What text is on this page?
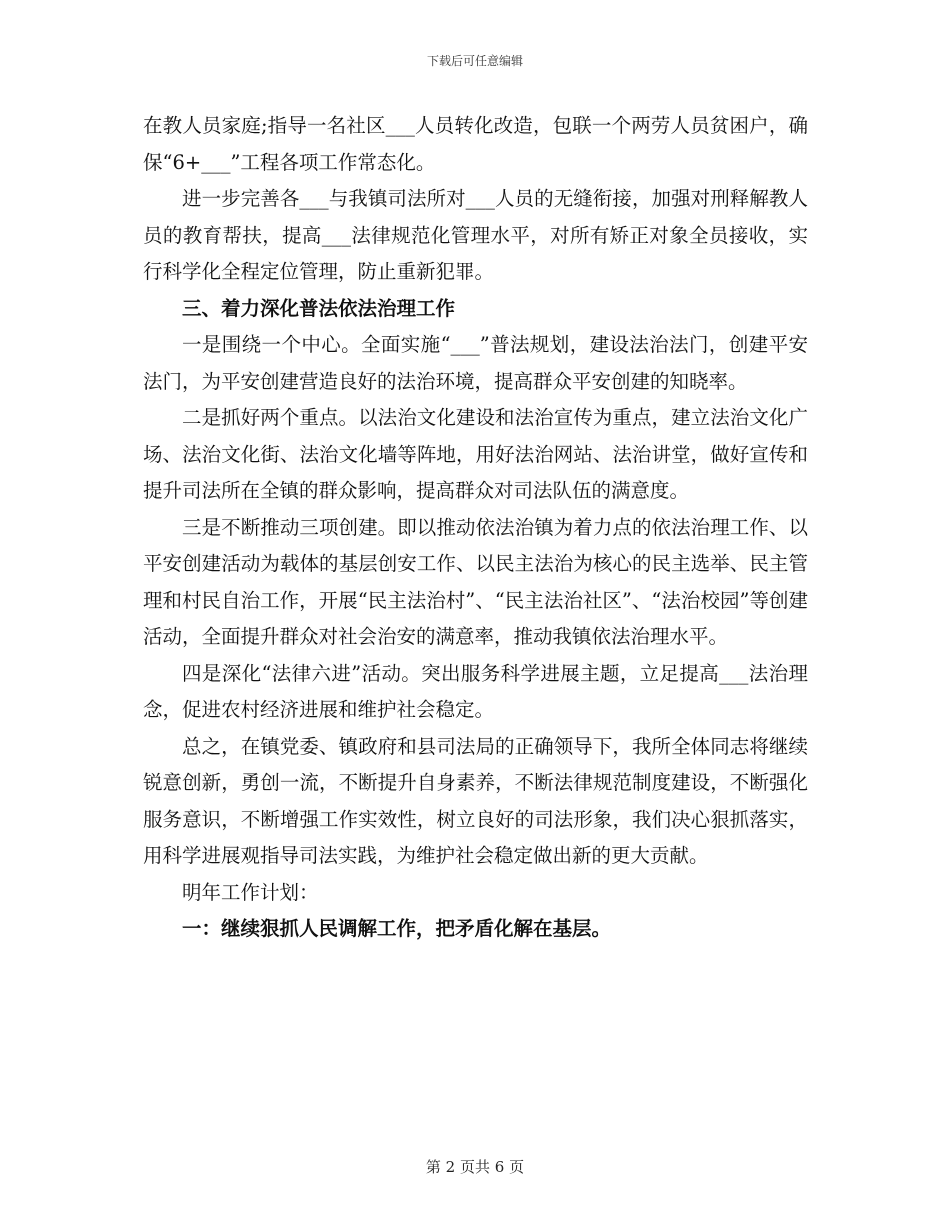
下载后可任意编辑

在教人员家庭;指导一名社区___人员转化改造，包联一个两劳人员贫困户，确保“6+___”工程各项工作常态化。

进一步完善各___与我镇司法所对___人员的无缝衔接，加强对刑释解教人员的教育帮扶，提高___法律规范化管理水平，对所有矫正对象全员接收，实行科学化全程定位管理，防止重新犯罪。

三、着力深化普法依法治理工作

一是围绕一个中心。全面实施“___”普法规划，建设法治法门，创建平安法门，为平安创建营造良好的法治环境，提高群众平安创建的知晓率。

二是抓好两个重点。以法治文化建设和法治宣传为重点，建立法治文化广场、法治文化街、法治文化墙等阵地，用好法治网站、法治讲堂，做好宣传和提升司法所在全镇的群众影响，提高群众对司法队伍的满意度。

三是不断推动三项创建。即以推动依法治镇为着力点的依法治理工作、以平安创建活动为载体的基层创安工作、以民主法治为核心的民主选举、民主管理和村民自治工作，开展“民主法治村”、“民主法治社区”、“法治校园”等创建活动，全面提升群众对社会治安的满意率，推动我镇依法治理水平。

四是深化“法律六进”活动。突出服务科学进展主题，立足提高___法治理念，促进农村经济进展和维护社会稳定。

总之，在镇党委、镇政府和县司法局的正确领导下，我所全体同志将继续锐意创新，勇创一流，不断提升自身素养，不断法律规范制度建设，不断强化服务意识，不断增强工作实效性，树立良好的司法形象，我们决心狠抓落实，用科学进展观指导司法实践，为维护社会稳定做出新的更大贡献。

明年工作计划：

一：继续狠抓人民调解工作，把矛盾化解在基层。

第 2 页共 6 页
